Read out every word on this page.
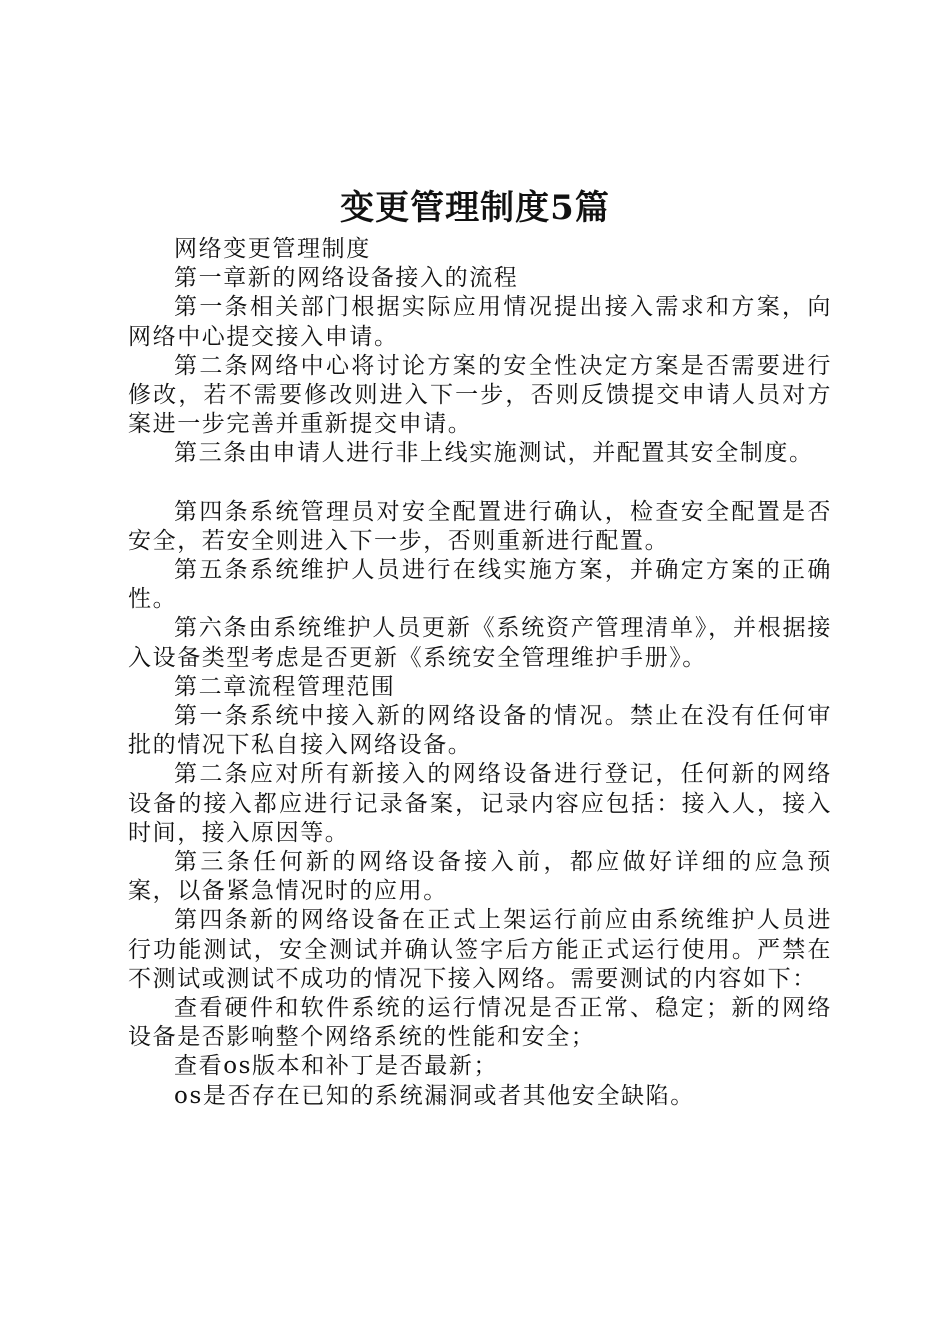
变更管理制度5篇

网络变更管理制度

第一章新的网络设备接入的流程

第一条相关部门根据实际应用情况提出接入需求和方案，向网络中心提交接入申请。

第二条网络中心将讨论方案的安全性决定方案是否需要进行修改，若不需要修改则进入下一步，否则反馈提交申请人员对方案进一步完善并重新提交申请。

第三条由申请人进行非上线实施测试，并配置其安全制度。

第四条系统管理员对安全配置进行确认，检查安全配置是否安全，若安全则进入下一步，否则重新进行配置。

第五条系统维护人员进行在线实施方案，并确定方案的正确性。

第六条由系统维护人员更新《系统资产管理清单》，并根据接入设备类型考虑是否更新《系统安全管理维护手册》。

第二章流程管理范围

第一条系统中接入新的网络设备的情况。禁止在没有任何审批的情况下私自接入网络设备。

第二条应对所有新接入的网络设备进行登记，任何新的网络设备的接入都应进行记录备案，记录内容应包括：接入人，接入时间，接入原因等。

第三条任何新的网络设备接入前，都应做好详细的应急预案，以备紧急情况时的应用。

第四条新的网络设备在正式上架运行前应由系统维护人员进行功能测试，安全测试并确认签字后方能正式运行使用。严禁在不测试或测试不成功的情况下接入网络。需要测试的内容如下：

查看硬件和软件系统的运行情况是否正常、稳定；新的网络设备是否影响整个网络系统的性能和安全；

查看os版本和补丁是否最新；

os是否存在已知的系统漏洞或者其他安全缺陷。
